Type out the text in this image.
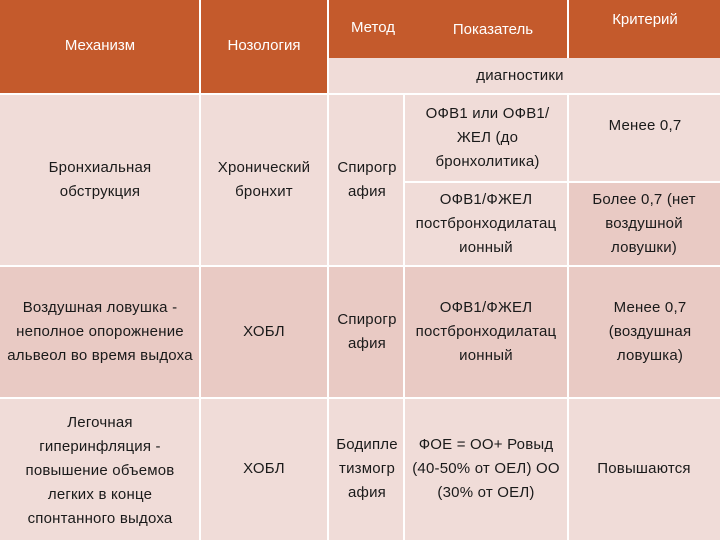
Механизм	Нозология
Метод	Показатель
Критерий
диагностики
Бронхиальная обструкция
Хронический бронхит
Спирогр афия
ОФВ1 или ОФВ1/ЖЕЛ (до бронхолитика)
Менее 0,7
ОФВ1/ФЖЕЛ постбронходилатац ионный
Более 0,7 (нет воздушной ловушки)
Воздушная ловушка - неполное опорожнение альвеол во время выдоха
ХОБЛ
Спирогр афия
ОФВ1/ФЖЕЛ постбронходилатац ионный
Менее 0,7 (воздушная ловушка)
Легочная гиперинфляция - повышение объемов легких в конце спонтанного выдоха
ХОБЛ
Бодипле тизмогр афия
ФОЕ = ОО+ Ровыд (40-50% от ОЕЛ) ОО (30% от ОЕЛ)
Повышаются
